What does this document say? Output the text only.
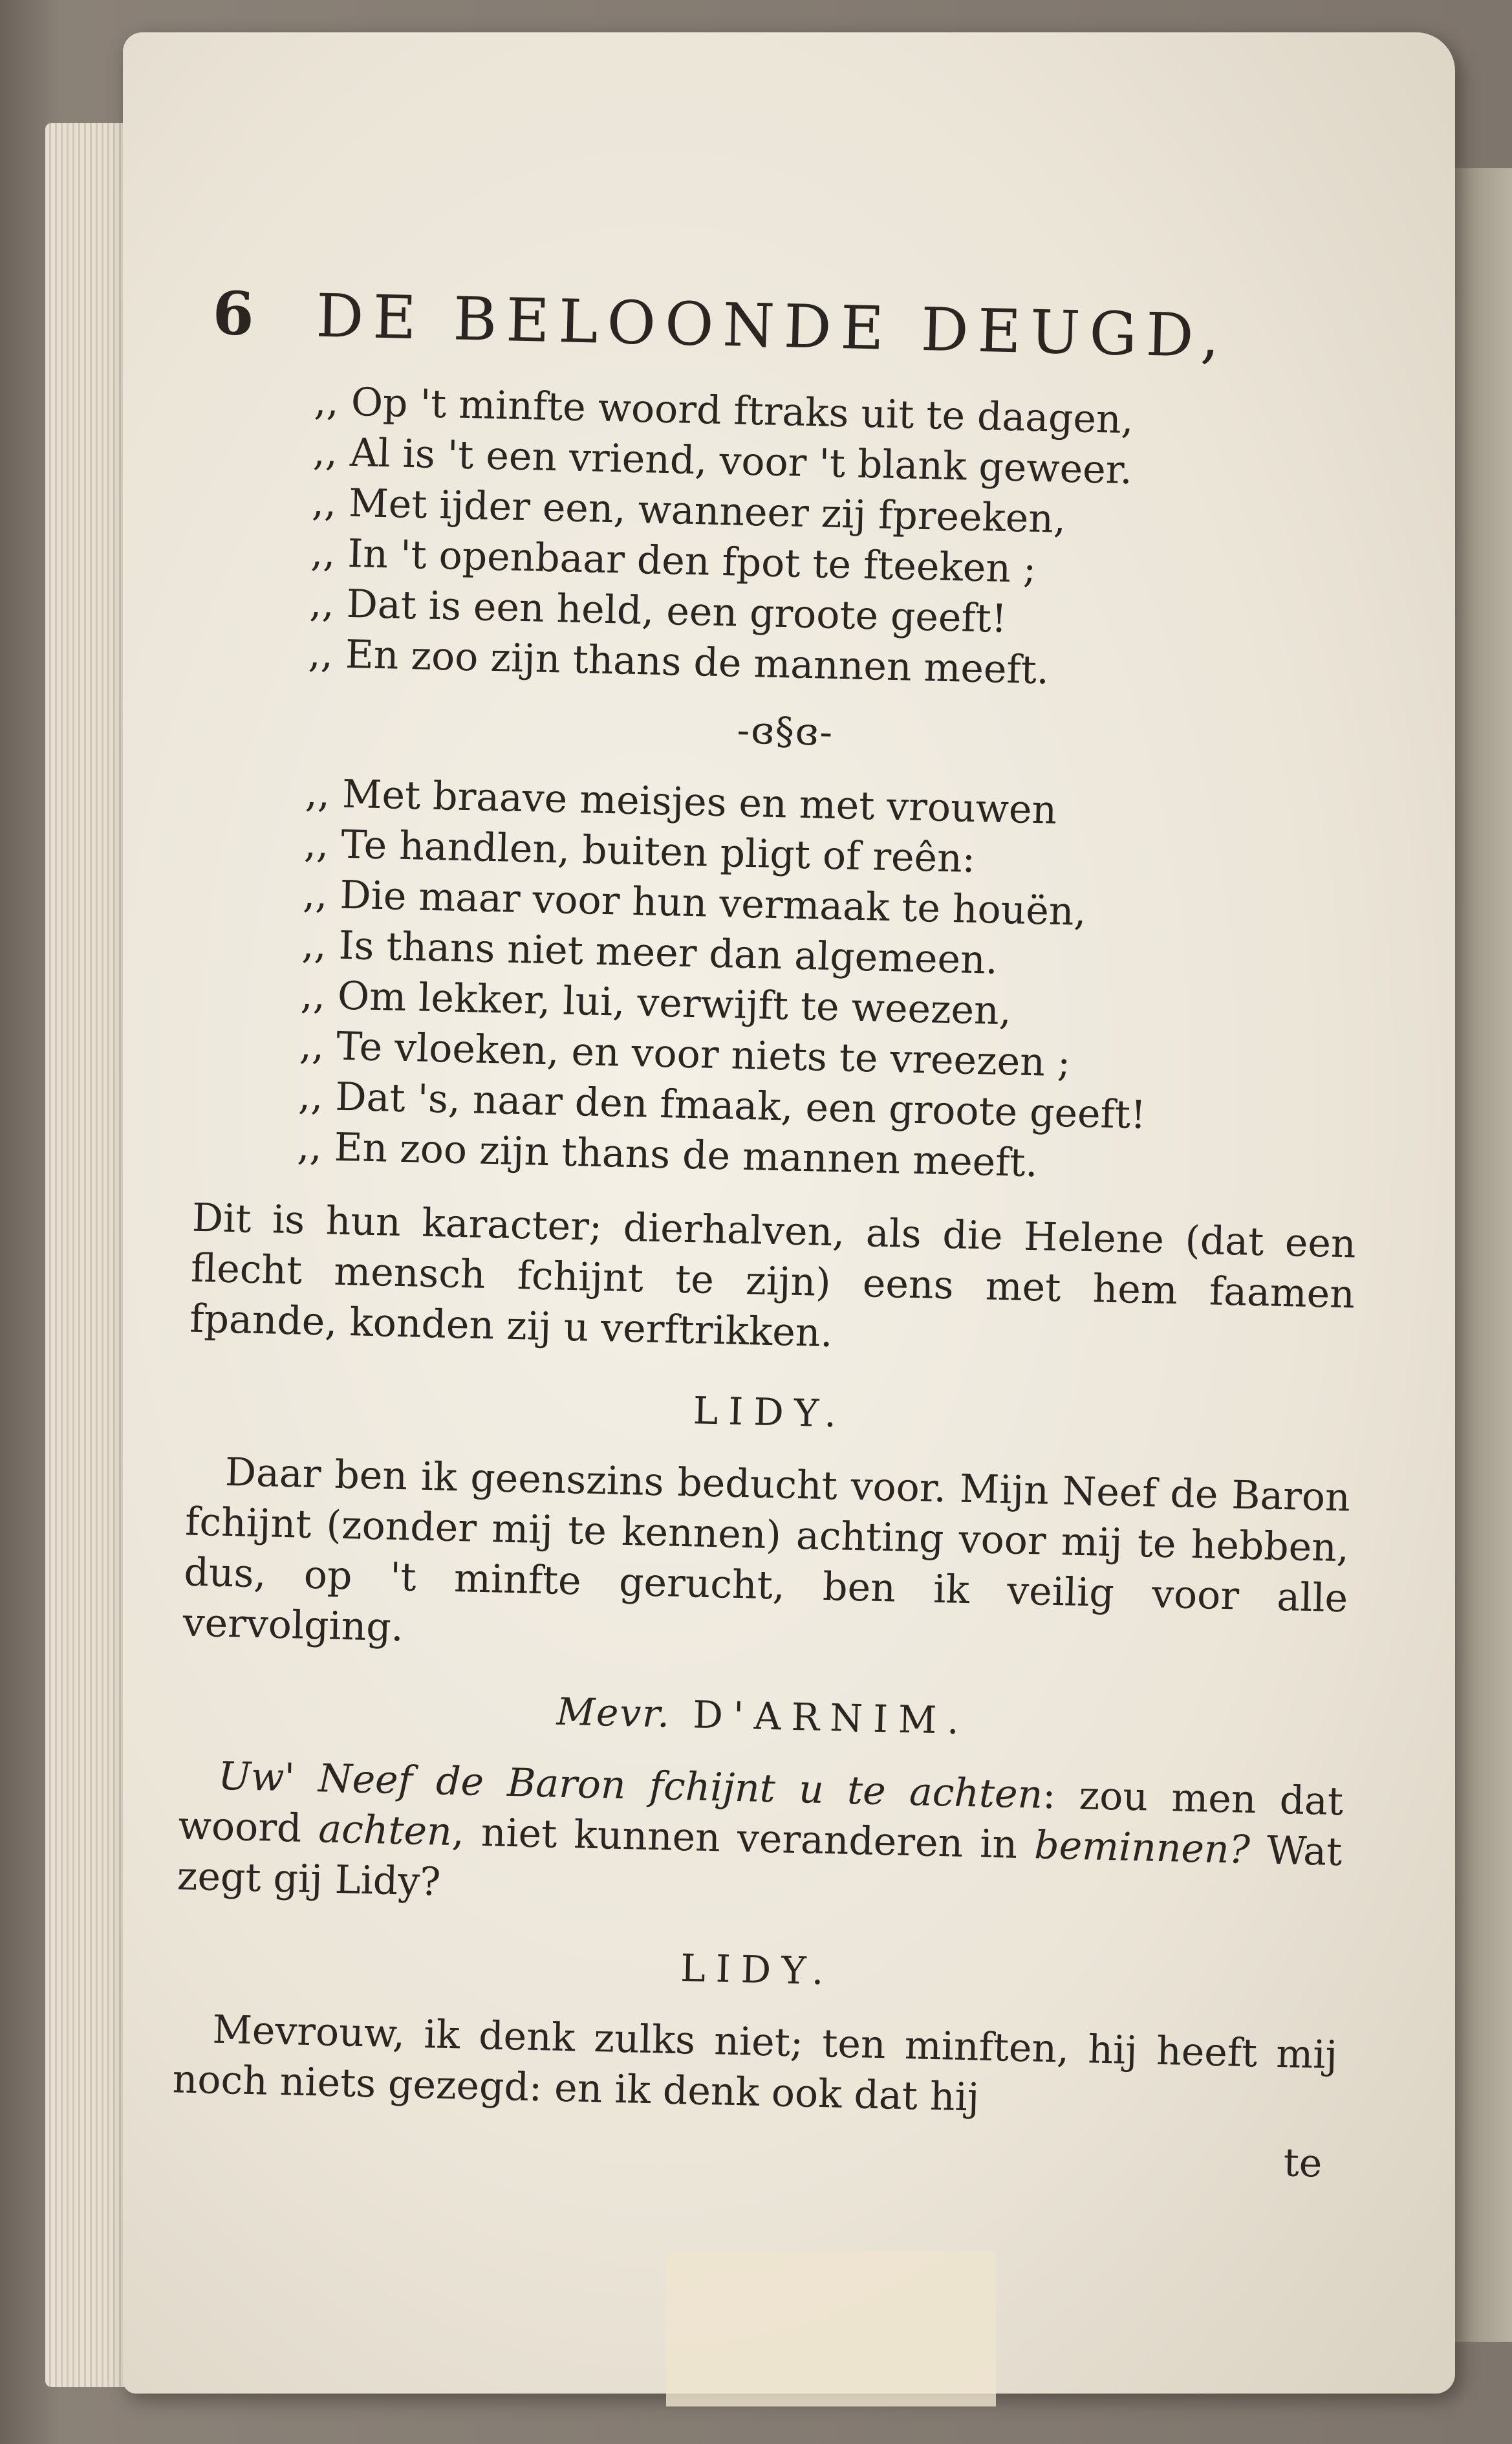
6 DE BELOONDE DEUGD,
,, Op 't minfte woord ftraks uit te daagen,
,, Al is 't een vriend, voor 't blank geweer.
,, Met ijder een, wanneer zij fpreeken,
,, In 't openbaar den fpot te fteeken ;
,, Dat is een held, een groote geeft!
,, En zoo zijn thans de mannen meeft.
-ɞ§ɞ-
,, Met braave meisjes en met vrouwen
,, Te handlen, buiten pligt of reên:
,, Die maar voor hun vermaak te houën,
,, Is thans niet meer dan algemeen.
,, Om lekker, lui, verwijft te weezen,
,, Te vloeken, en voor niets te vreezen ;
,, Dat 's, naar den fmaak, een groote geeft!
,, En zoo zijn thans de mannen meeft.

Dit is hun karacter; dierhalven, als die Helene (dat een flecht mensch fchijnt te zijn) eens met hem faamen fpande, konden zij u verftrikken.

LIDY.

Daar ben ik geenszins beducht voor. Mijn Neef de Baron fchijnt (zonder mij te kennen) achting voor mij te hebben, dus, op 't minfte gerucht, ben ik veilig voor alle vervolging.

Mevr. D'ARNIM.

Uw' Neef de Baron fchijnt u te achten: zou men dat woord achten, niet kunnen veranderen in beminnen? Wat zegt gij Lidy?

LIDY.

Mevrouw, ik denk zulks niet; ten minften, hij heeft mij noch niets gezegd: en ik denk ook dat hij

te
